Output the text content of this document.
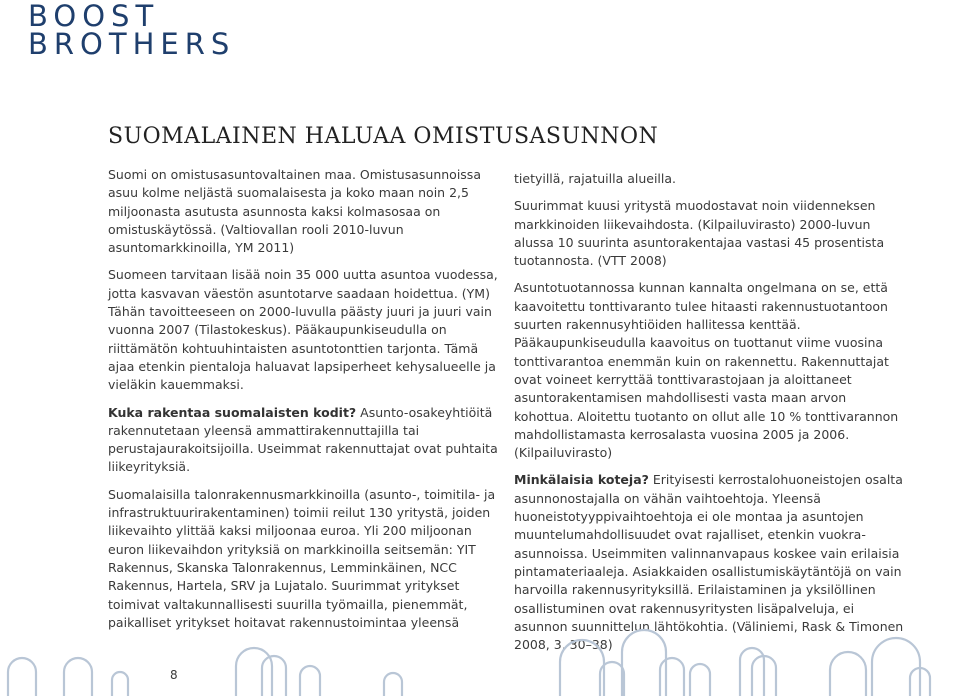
BOOST
BROTHERS
SUOMALAINEN HALUAA OMISTUSASUNNON

Suomi on omistusasuntovaltainen maa. Omistusasunnoissa asuu kolme neljästä suomalaisesta ja koko maan noin 2,5 miljoonasta asutusta asunnosta kaksi kolmasosaa on omistuskäytössä. (Valtiovallan rooli 2010-luvun asuntomarkkinoilla, YM 2011)

Suomeen tarvitaan lisää noin 35 000 uutta asuntoa vuodessa, jotta kasvavan väestön asuntotarve saadaan hoidettua. (YM) Tähän tavoitteeseen on 2000-luvulla päästy juuri ja juuri vain vuonna 2007 (Tilastokeskus). Pääkaupunkiseudulla on riittämätön kohtuuhintaisten asuntotonttien tarjonta. Tämä ajaa etenkin pientaloja haluavat lapsiperheet kehysalueelle ja vieläkin kauemmaksi.

Kuka rakentaa suomalaisten kodit? Asunto-osakeyhtiöitä rakennutetaan yleensä ammattirakennuttajilla tai perustajaurakoitsijoilla. Useimmat rakennuttajat ovat puhtaita liikeyrityksiä.

Suomalaisilla talonrakennusmarkkinoilla (asunto-, toimitila- ja infrastruktuurirakentaminen) toimii reilut 130 yritystä, joiden liikevaihto ylittää kaksi miljoonaa euroa. Yli 200 miljoonan euron liikevaihdon yrityksiä on markkinoilla seitsemän: YIT Rakennus, Skanska Talonrakennus, Lemminkäinen, NCC Rakennus, Hartela, SRV ja Lujatalo. Suurimmat yritykset toimivat valtakunnallisesti suurilla työmailla, pienemmät, paikalliset yritykset hoitavat rakennustoimintaa yleensä

tietyillä, rajatuilla alueilla.

Suurimmat kuusi yritystä muodostavat noin viidenneksen markkinoiden liikevaihdosta. (Kilpailuvirasto) 2000-luvun alussa 10 suurinta asuntorakentajaa vastasi 45 prosentista tuotannosta. (VTT 2008)

Asuntotuotannossa kunnan kannalta ongelmana on se, että kaavoitettu tonttivaranto tulee hitaasti rakennustuotantoon suurten rakennusyhtiöiden hallitessa kenttää. Pääkaupunkiseudulla kaavoitus on tuottanut viime vuosina tonttivarantoa enemmän kuin on rakennettu. Rakennuttajat ovat voineet kerryttää tonttivarastojaan ja aloittaneet asuntorakentamisen mahdollisesti vasta maan arvon kohottua. Aloitettu tuotanto on ollut alle 10 % tonttivarannon mahdollistamasta kerrosalasta vuosina 2005 ja 2006. (Kilpailuvirasto)

Minkälaisia koteja? Erityisesti kerrostalohuoneistojen osalta asunnonostajalla on vähän vaihtoehtoja. Yleensä huoneistotyyppivaihtoehtoja ei ole montaa ja asuntojen muuntelumahdollisuudet ovat rajalliset, etenkin vuokra-asunnoissa. Useimmiten valinnanvapaus koskee vain erilaisia pintamateriaaleja. Asiakkaiden osallistumiskäytäntöjä on vain harvoilla rakennusyrityksillä. Erilaistaminen ja yksilöllinen osallistuminen ovat rakennusyritysten lisäpalveluja, ei asunnon suunnittelun lähtökohtia. (Väliniemi, Rask & Timonen 2008, 3, 30–38)

8
